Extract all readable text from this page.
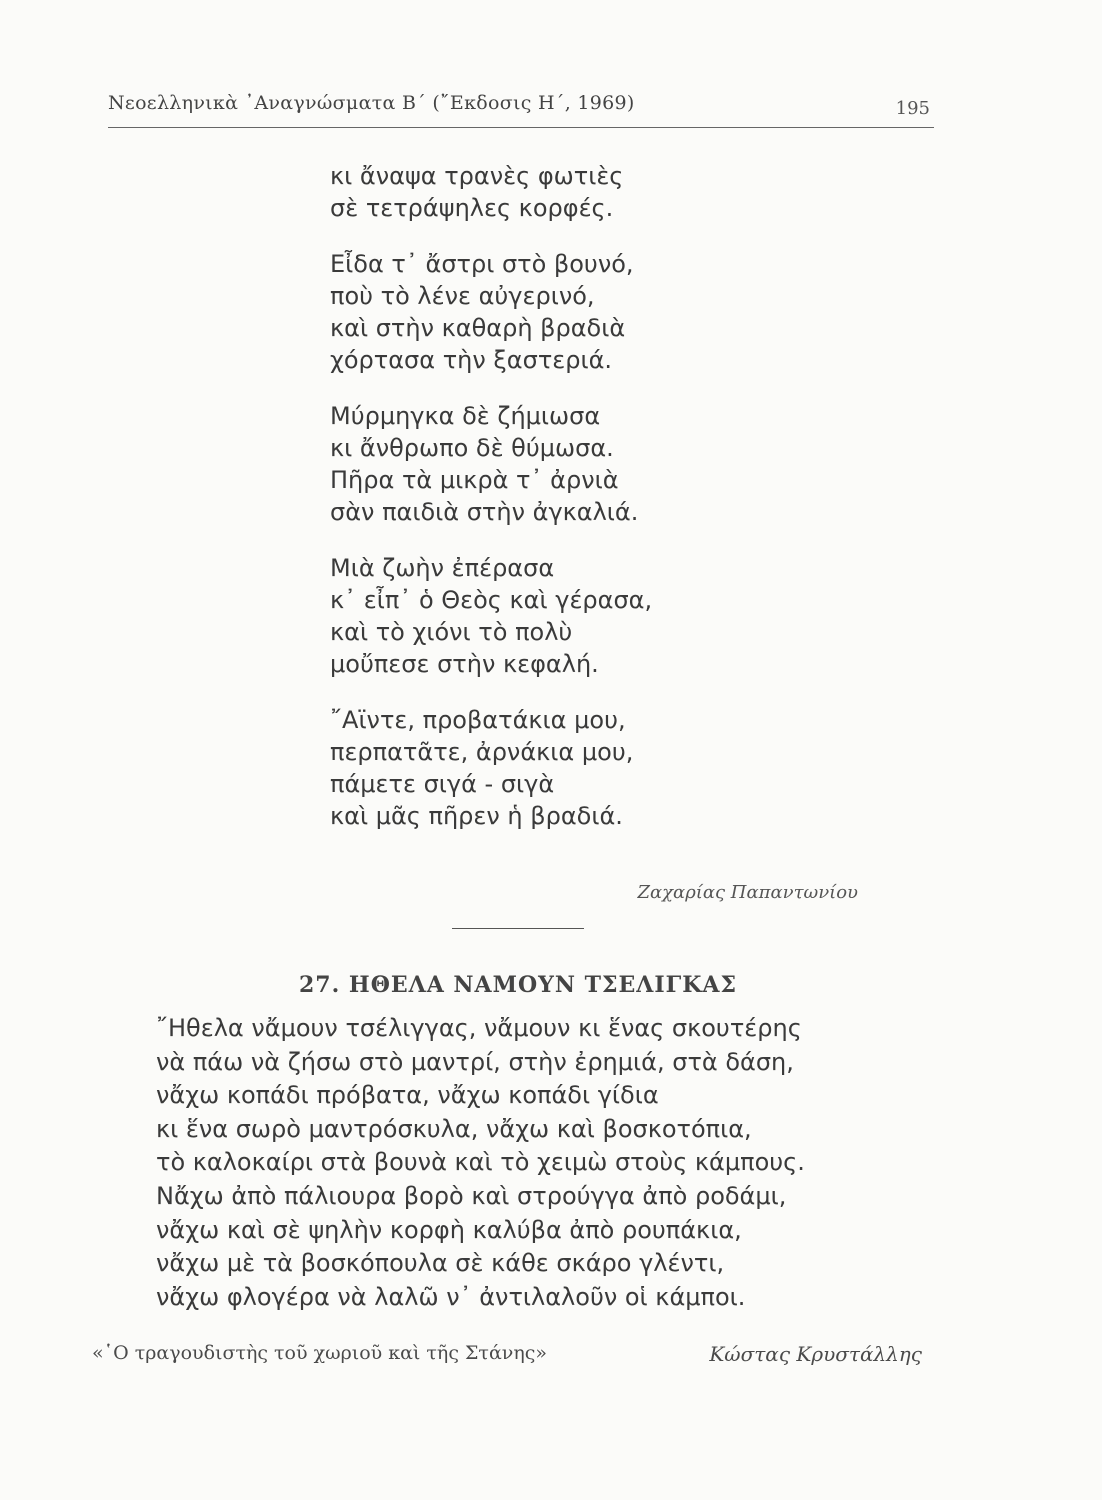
Νεοελληνικὰ ᾿Αναγνώσματα Β΄ (῎Εκδοσις Η΄, 1969)	195
κι ἄναψα τρανὲς φωτιὲς
σὲ τετράψηλες κορφές.
Εἶδα τ᾿ ἄστρι στὸ βουνό,
ποὺ τὸ λένε αὐγερινό,
καὶ στὴν καθαρὴ βραδιὰ
χόρτασα τὴν ξαστεριά.
Μύρμηγκα δὲ ζήμιωσα
κι ἄνθρωπο δὲ θύμωσα.
Πῆρα τὰ μικρὰ τ᾿ ἀρνιὰ
σὰν παιδιὰ στὴν ἀγκαλιά.
Μιὰ ζωὴν ἐπέρασα
κ᾿ εἶπ᾿ ὁ Θεὸς καὶ γέρασα,
καὶ τὸ χιόνι τὸ πολὺ
μοὔπεσε στὴν κεφαλή.
῎Αϊντε, προβατάκια μου,
περπατᾶτε, ἀρνάκια μου,
πάμετε σιγά - σιγὰ
καὶ μᾶς πῆρεν ἡ βραδιά.
Ζαχαρίας Παπαντωνίου
27. ΗΘΕΛΑ ΝΑΜΟΥΝ ΤΣΕΛΙΓΚΑΣ
῎Ηθελα νἄμουν τσέλιγγας, νἄμουν κι ἕνας σκουτέρης
νὰ πάω νὰ ζήσω στὸ μαντρί, στὴν ἐρημιά, στὰ δάση,
νἄχω κοπάδι πρόβατα, νἄχω κοπάδι γίδια
κι ἕνα σωρὸ μαντρόσκυλα, νἄχω καὶ βοσκοτόπια,
τὸ καλοκαίρι στὰ βουνὰ καὶ τὸ χειμὼ στοὺς κάμπους.
Νἄχω ἀπὸ πάλιουρα βορὸ καὶ στρούγγα ἀπὸ ροδάμι,
νἄχω καὶ σὲ ψηλὴν κορφὴ καλύβα ἀπὸ ρουπάκια,
νἄχω μὲ τὰ βοσκόπουλα σὲ κάθε σκάρο γλέντι,
νἄχω φλογέρα νὰ λαλῶ ν᾿ ἀντιλαλοῦν οἱ κάμποι.
«῾Ο τραγουδιστὴς τοῦ χωριοῦ καὶ τῆς Στάνης»	Κώστας Κρυστάλλης
